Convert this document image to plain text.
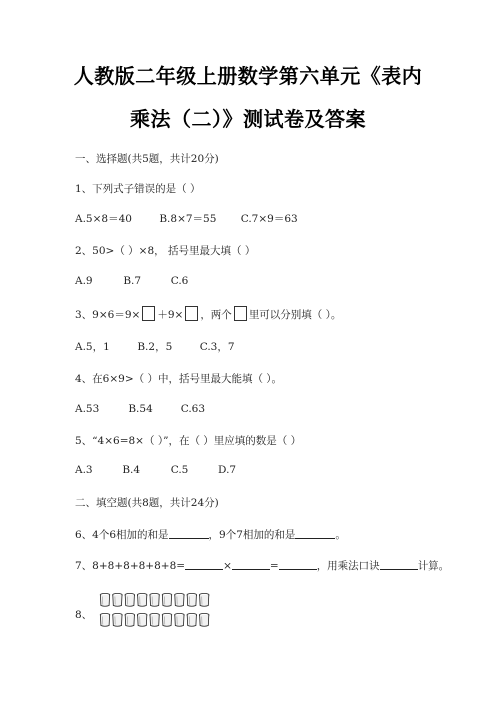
人教版二年级上册数学第六单元《表内
乘法（二）》测试卷及答案
一、选择题(共5题，共计20分)
1、下列式子错误的是（ ）
A.5×8＝40	B.8×7＝55 C.7×9＝63
2、50>（ ）×8， 括号里最大填（ ）
A.9	B.7	C.6
3、9×6＝9× ＋9× ，两个 里可以分别填（ ）。
A.5，1	B.2，5	C.3，7
4、在6×9>（ ）中，括号里最大能填（ ）。
A.53	B.54	C.63
5、“4×6=8×（ ）”，在（ ）里应填的数是（ ）
A.3	B.4	C.5	D.7
二、填空题(共8题，共计24分)
6、4个6相加的和是	，9个7相加的和是	。
7、8+8+8+8+8+8=	×	=	，用乘法口诀	计算。
8、
